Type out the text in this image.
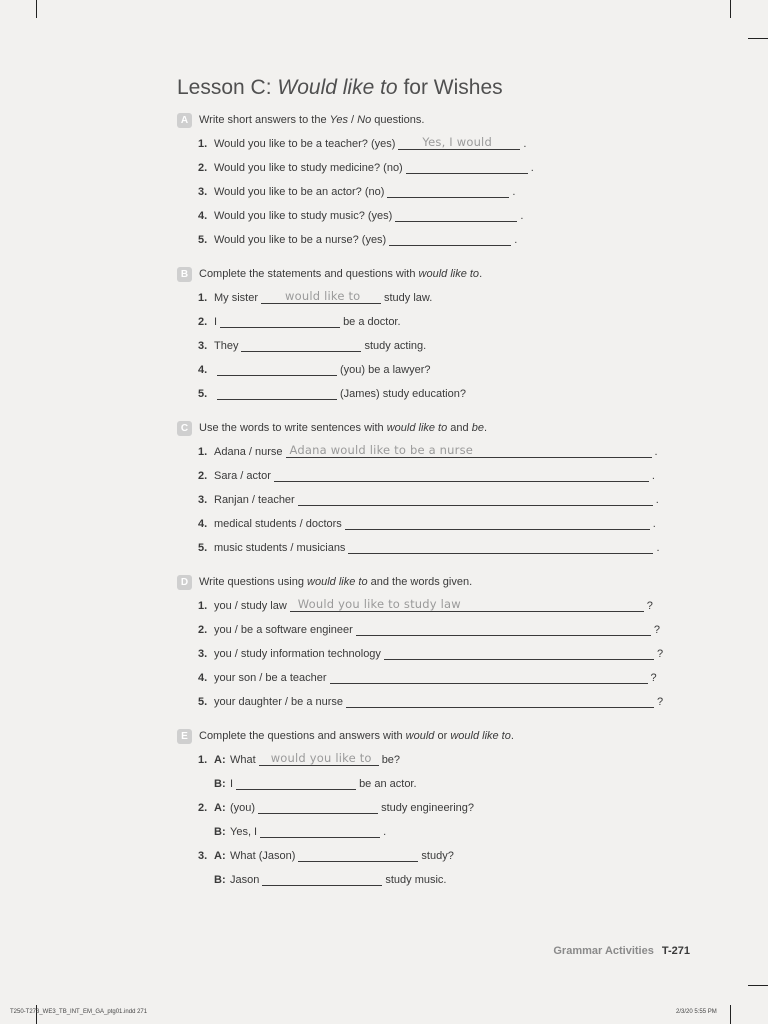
Lesson C: Would like to for Wishes
A Write short answers to the Yes / No questions.
1. Would you like to be a teacher? (yes) Yes, I would	.
2. Would you like to study medicine? (no)	.
3. Would you like to be an actor? (no)	.
4. Would you like to study music? (yes)	.
5. Would you like to be a nurse? (yes)	.
B Complete the statements and questions with would like to.
1. My sister would like to study law.
2. I	be a doctor.
3. They	study acting.
4.	(you) be a lawyer?
5.	(James) study education?
C Use the words to write sentences with would like to and be.
1. Adana / nurse Adana would like to be a nurse	.
2. Sara / actor	.
3. Ranjan / teacher	.
4. medical students / doctors	.
5. music students / musicians	.
D Write questions using would like to and the words given.
1. you / study law Would you like to study law	?
2. you / be a software engineer	?
3. you / study information technology	?
4. your son / be a teacher	?
5. your daughter / be a nurse	?
E	Complete the questions and answers with would or would like to.
1. A: What would you like to be?
B: I	be an actor.
2. A: (you)	study engineering?
B: Yes, I	.
3. A: What (Jason)	study?
B: Jason	study music.
Grammar Activities T-271
T250-T273_WE3_TB_INT_EM_GA_ptg01.indd 271	2/3/20 5:55 PM
